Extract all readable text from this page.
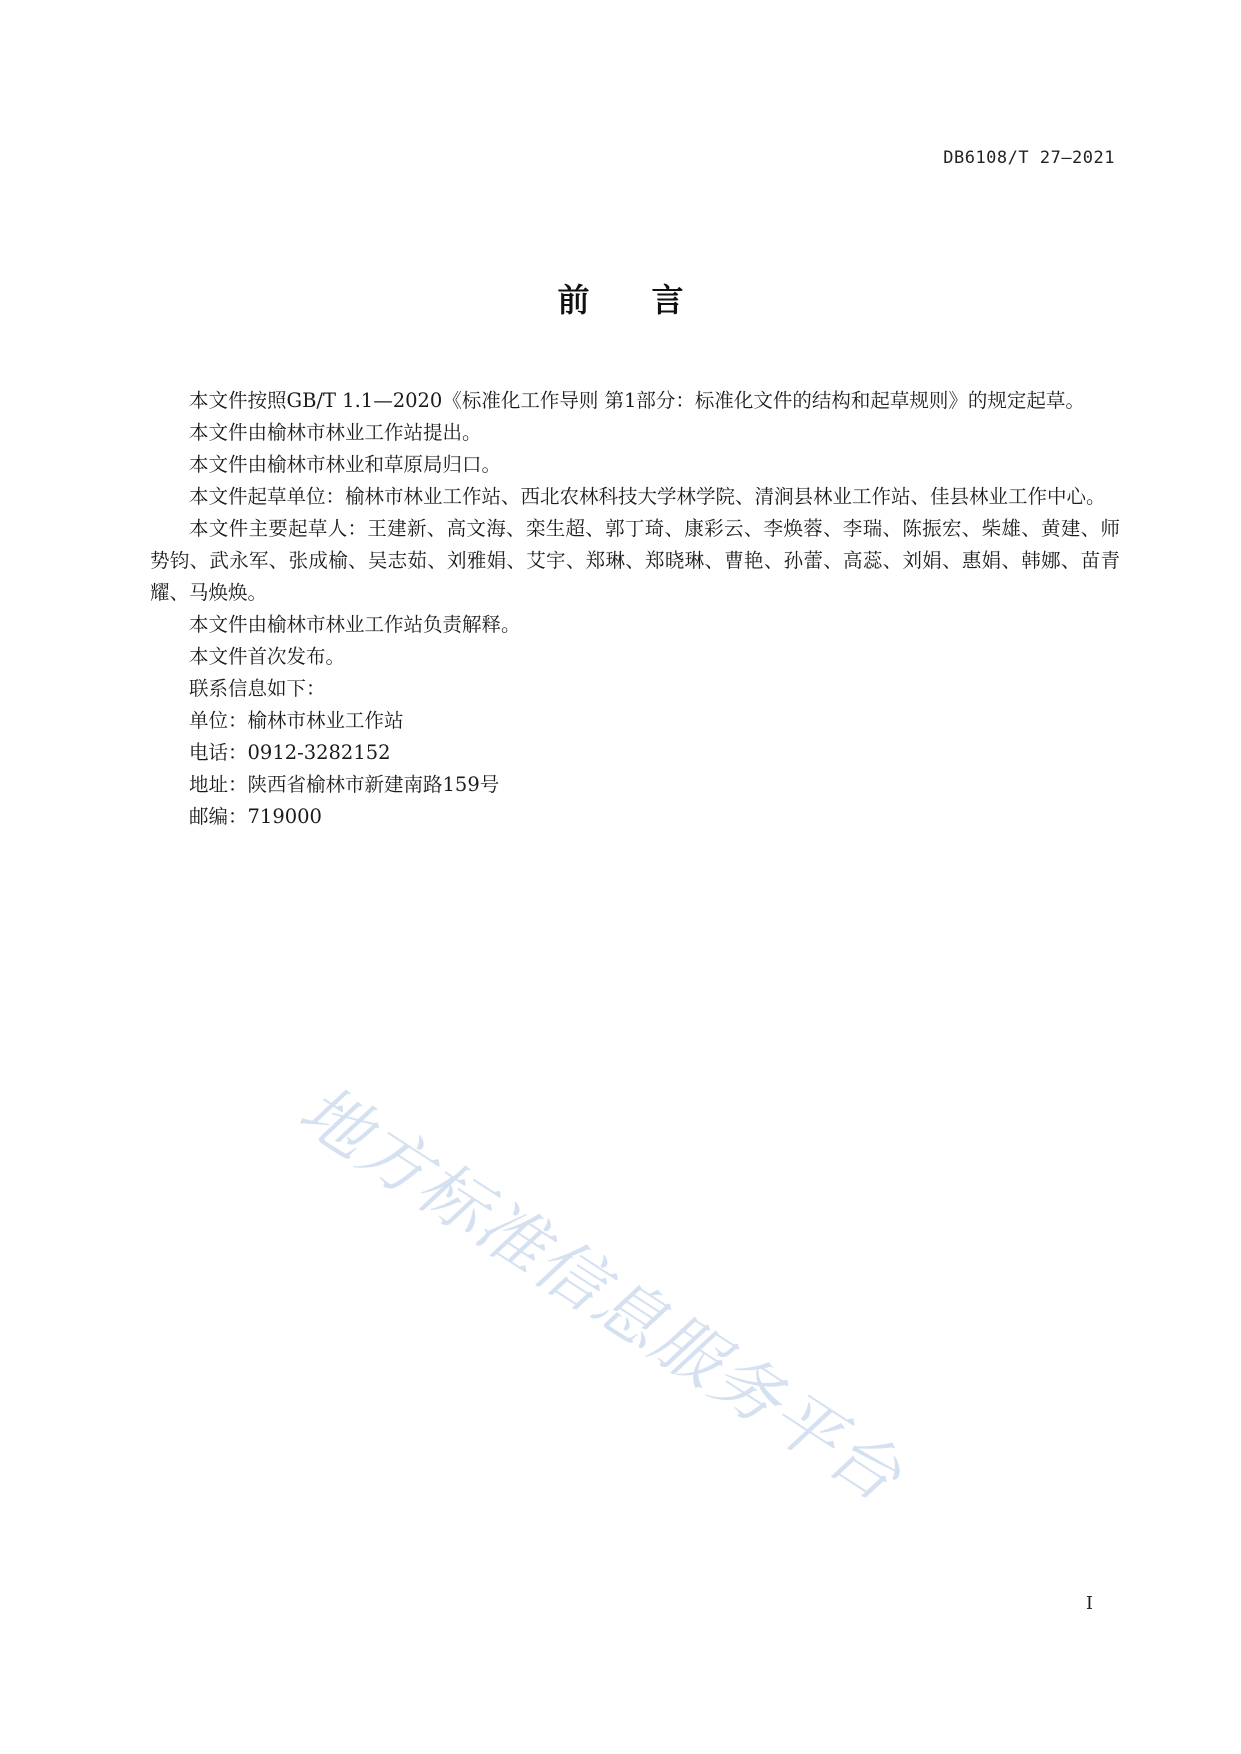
DB6108/T 27—2021
前言

本文件按照GB/T 1.1—2020《标准化工作导则 第1部分：标准化文件的结构和起草规则》的规定起草。

本文件由榆林市林业工作站提出。

本文件由榆林市林业和草原局归口。

本文件起草单位：榆林市林业工作站、西北农林科技大学林学院、清涧县林业工作站、佳县林业工作中心。

本文件主要起草人：王建新、高文海、栾生超、郭丁琦、康彩云、李焕蓉、李瑞、陈振宏、柴雄、黄建、师势钧、武永军、张成榆、吴志茹、刘雅娟、艾宇、郑琳、郑晓琳、曹艳、孙蕾、高蕊、刘娟、惠娟、韩娜、苗青耀、马焕焕。

本文件由榆林市林业工作站负责解释。

本文件首次发布。

联系信息如下：

单位：榆林市林业工作站

电话：0912-3282152

地址：陕西省榆林市新建南路159号

邮编：719000

地方标准信息服务平台
I
